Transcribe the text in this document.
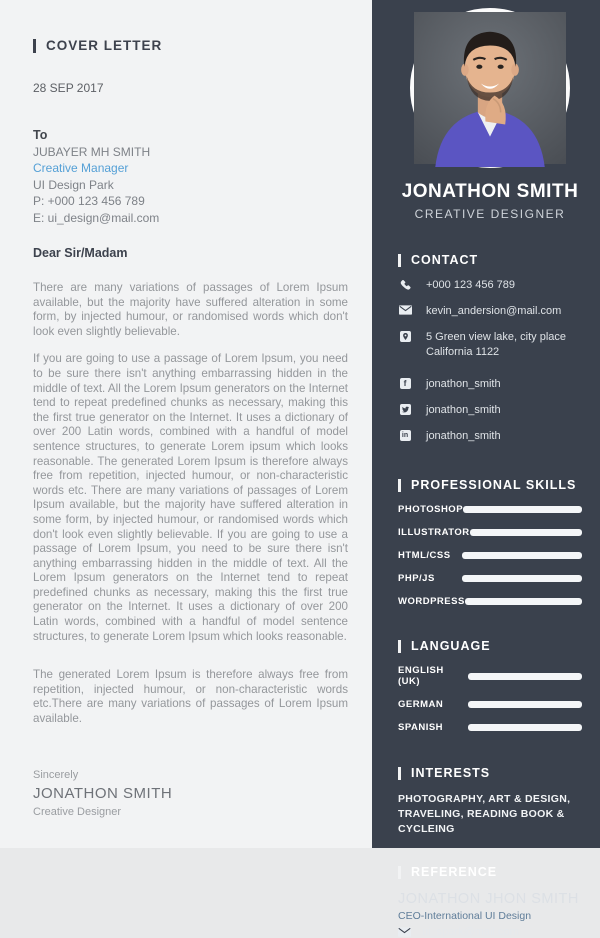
COVER LETTER
28 SEP 2017
To
JUBAYER MH SMITH
Creative Manager
UI Design Park
P: +000 123 456 789
E: ui_design@mail.com
Dear Sir/Madam

There are many variations of passages of Lorem Ipsum available, but the majority have suffered alteration in some form, by injected humour, or randomised words which don't look even slightly believable.

If you are going to use a passage of Lorem Ipsum, you need to be sure there isn't anything embarrassing hidden in the middle of text. All the Lorem Ipsum generators on the Internet tend to repeat predefined chunks as necessary, making this the first true generator on the Internet. It uses a dictionary of over 200 Latin words, combined with a handful of model sentence structures, to generate Lorem ipsum which looks reasonable. The generated Lorem Ipsum is therefore always free from repetition, injected humour, or non-characteristic words etc. There are many variations of passages of Lorem Ipsum available, but the majority have suffered alteration in some form, by injected humour, or randomised words which don't look even slightly believable. If you are going to use a passage of Lorem Ipsum, you need to be sure there isn't anything embarrassing hidden in the middle of text. All the Lorem Ipsum generators on the Internet tend to repeat predefined chunks as necessary, making this the first true generator on the Internet. It uses a dictionary of over 200 Latin words, combined with a handful of model sentence structures, to generate Lorem Ipsum which looks reasonable.

The generated Lorem Ipsum is therefore always free from repetition, injected humour, or non-characteristic words etc.There are many variations of passages of Lorem Ipsum available.

Sincerely
JONATHON SMITH
Creative Designer
JONATHON SMITH
CREATIVE DESIGNER
CONTACT
+000 123 456 789
kevin_andersion@mail.com
5 Green view lake, city place
California 1122
f	jonathon_smith
jonathon_smith
in jonathon_smith
PROFESSIONAL SKILLS
PHOTOSHOP
ILLUSTRATOR
HTML/CSS
PHP/JS
WORDPRESS
LANGUAGE
ENGLISH (UK)
GERMAN
SPANISH
INTERESTS
PHOTOGRAPHY, ART & DESIGN,
TRAVELING, READING BOOK & CYCLEING
REFERENCE
JONATHON JHON SMITH
CEO-International UI Design
ui_spark@mail.com
